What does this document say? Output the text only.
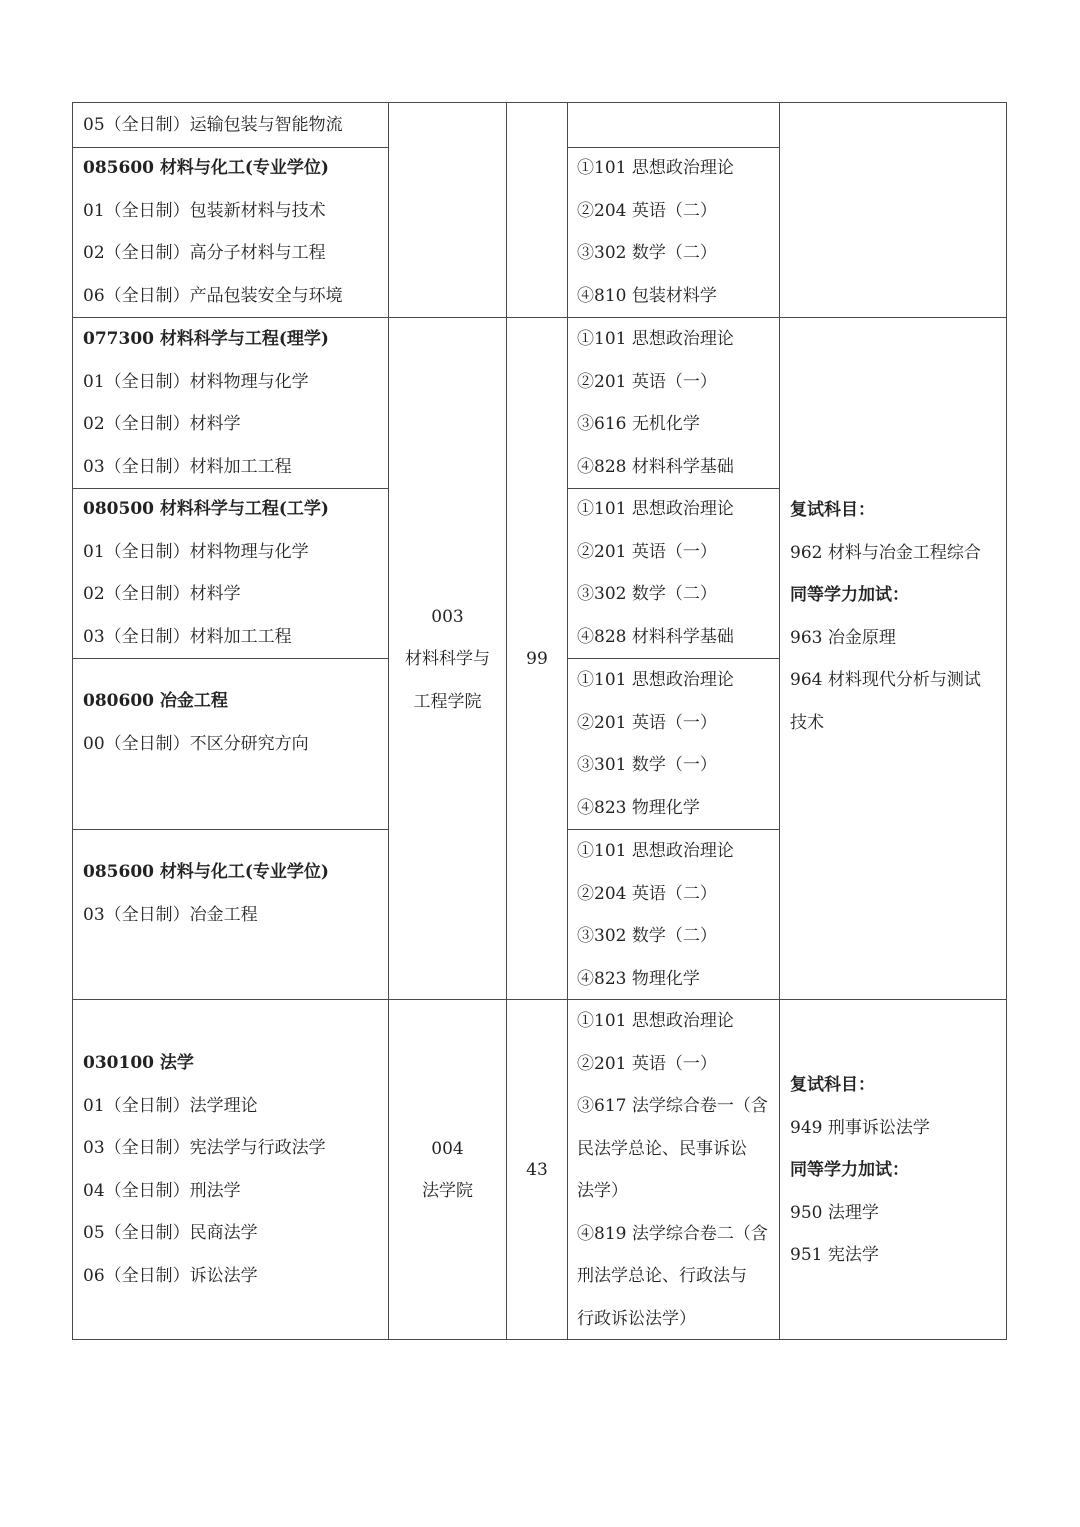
05（全日制）运输包装与智能物流
085600 材料与化工(专业学位)
01（全日制）包装新材料与技术
02（全日制）高分子材料与工程
06（全日制）产品包装安全与环境
①101 思想政治理论
②204 英语（二）
③302 数学（二）
④810 包装材料学
077300 材料科学与工程(理学)
01（全日制）材料物理与化学
02（全日制）材料学
03（全日制）材料加工工程
①101 思想政治理论
②201 英语（一）
③616 无机化学
④828 材料科学基础
080500 材料科学与工程(工学)
01（全日制）材料物理与化学
02（全日制）材料学
03（全日制）材料加工工程
①101 思想政治理论
②201 英语（一）
③302 数学（二）
④828 材料科学基础
080600 冶金工程
00（全日制）不区分研究方向
①101 思想政治理论
②201 英语（一）
③301 数学（一）
④823 物理化学
085600 材料与化工(专业学位)
03（全日制）冶金工程
①101 思想政治理论
②204 英语（二）
③302 数学（二）
④823 物理化学
030100 法学
01（全日制）法学理论
03（全日制）宪法学与行政法学
04（全日制）刑法学
05（全日制）民商法学
06（全日制）诉讼法学
①101 思想政治理论
②201 英语（一）
③617 法学综合卷一（含
民法学总论、民事诉讼
法学）
④819 法学综合卷二（含
刑法学总论、行政法与
行政诉讼法学）
003
材料科学与
工程学院
99
004
法学院
43
复试科目：
962 材料与冶金工程综合
同等学力加试：
963 冶金原理
964 材料现代分析与测试
技术
复试科目：
949 刑事诉讼法学
同等学力加试：
950 法理学
951 宪法学
